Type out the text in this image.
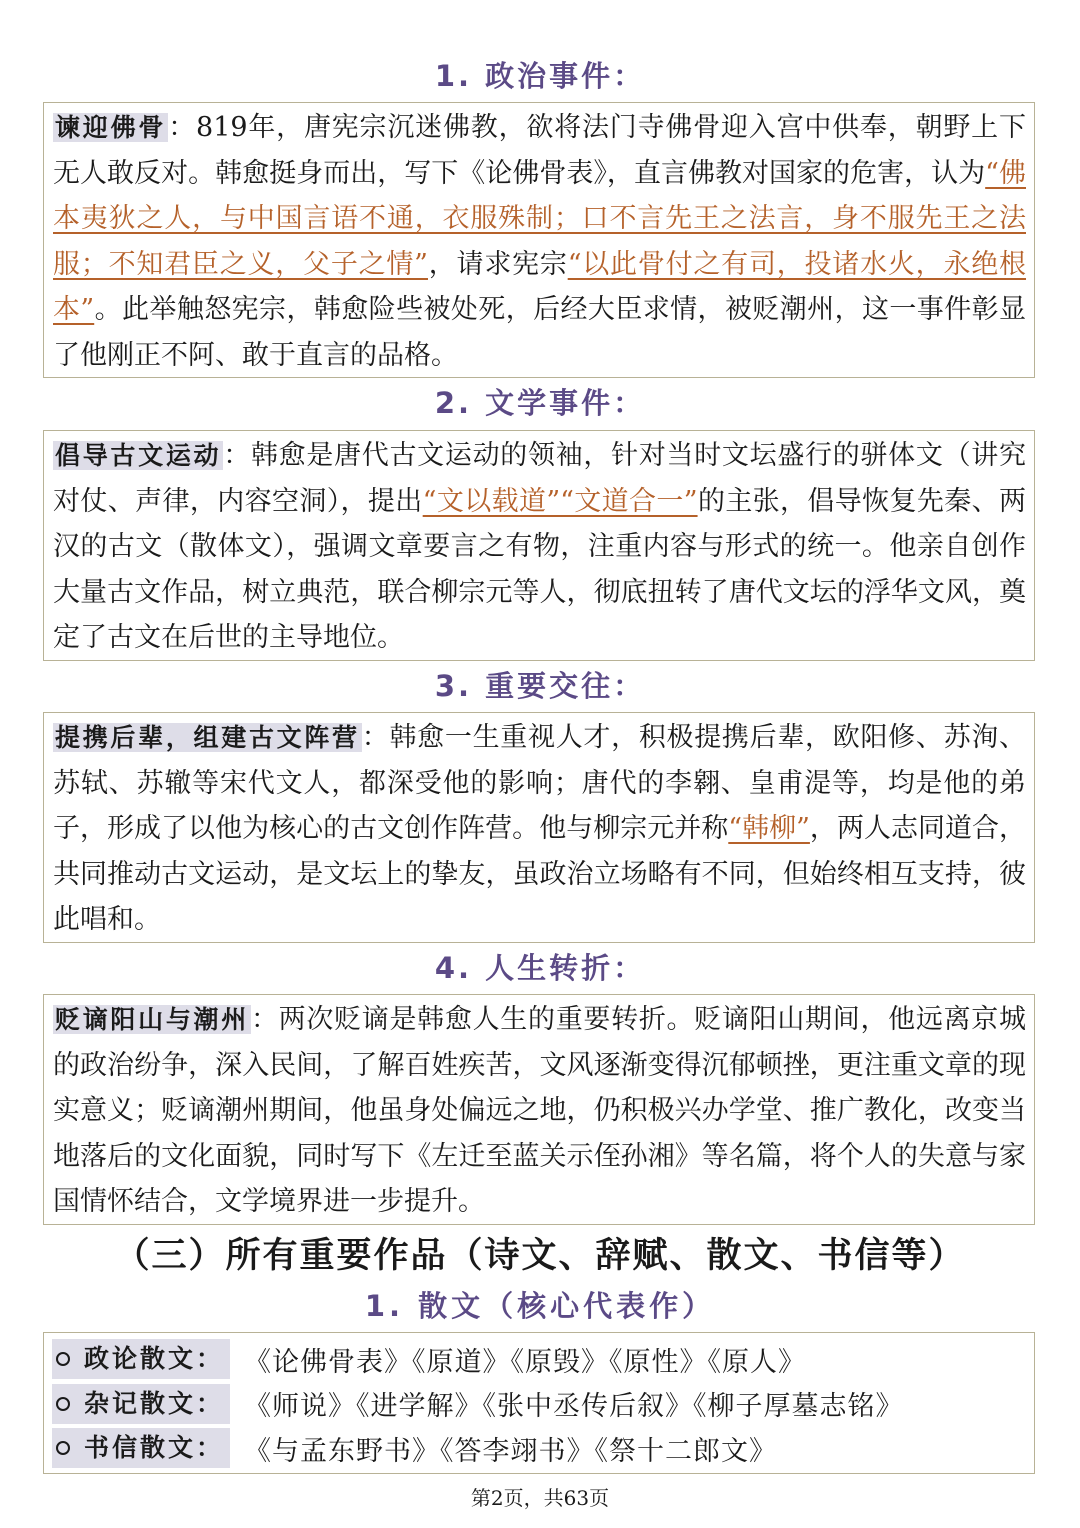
1. 政治事件：
谏迎佛骨：819年，唐宪宗沉迷佛教，欲将法门寺佛骨迎入宫中供奉，朝野上下无人敢反对。韩愈挺身而出，写下《论佛骨表》，直言佛教对国家的危害，认为“佛本夷狄之人，与中国言语不通，衣服殊制；口不言先王之法言，身不服先王之法服；不知君臣之义，父子之情”，请求宪宗“以此骨付之有司，投诸水火，永绝根本”。此举触怒宪宗，韩愈险些被处死，后经大臣求情，被贬潮州，这一事件彰显了他刚正不阿、敢于直言的品格。
2. 文学事件：
倡导古文运动：韩愈是唐代古文运动的领袖，针对当时文坛盛行的骈体文（讲究对仗、声律，内容空洞），提出“文以载道”“文道合一”的主张，倡导恢复先秦、两汉的古文（散体文），强调文章要言之有物，注重内容与形式的统一。他亲自创作大量古文作品，树立典范，联合柳宗元等人，彻底扭转了唐代文坛的浮华文风，奠定了古文在后世的主导地位。
3. 重要交往：
提携后辈，组建古文阵营：韩愈一生重视人才，积极提携后辈，欧阳修、苏洵、苏轼、苏辙等宋代文人，都深受他的影响；唐代的李翱、皇甫湜等，均是他的弟子，形成了以他为核心的古文创作阵营。他与柳宗元并称“韩柳”，两人志同道合，共同推动古文运动，是文坛上的挚友，虽政治立场略有不同，但始终相互支持，彼此唱和。
4. 人生转折：
贬谪阳山与潮州：两次贬谪是韩愈人生的重要转折。贬谪阳山期间，他远离京城的政治纷争，深入民间，了解百姓疾苦，文风逐渐变得沉郁顿挫，更注重文章的现实意义；贬谪潮州期间，他虽身处偏远之地，仍积极兴办学堂、推广教化，改变当地落后的文化面貌，同时写下《左迁至蓝关示侄孙湘》等名篇，将个人的失意与家国情怀结合，文学境界进一步提升。
（三）所有重要作品（诗文、辞赋、散文、书信等）
1. 散文（核心代表作）
政论散文： 《论佛骨表》《原道》《原毁》《原性》《原人》
杂记散文： 《师说》《进学解》《张中丞传后叙》《柳子厚墓志铭》
书信散文： 《与孟东野书》《答李翊书》《祭十二郎文》
第2页，共63页
